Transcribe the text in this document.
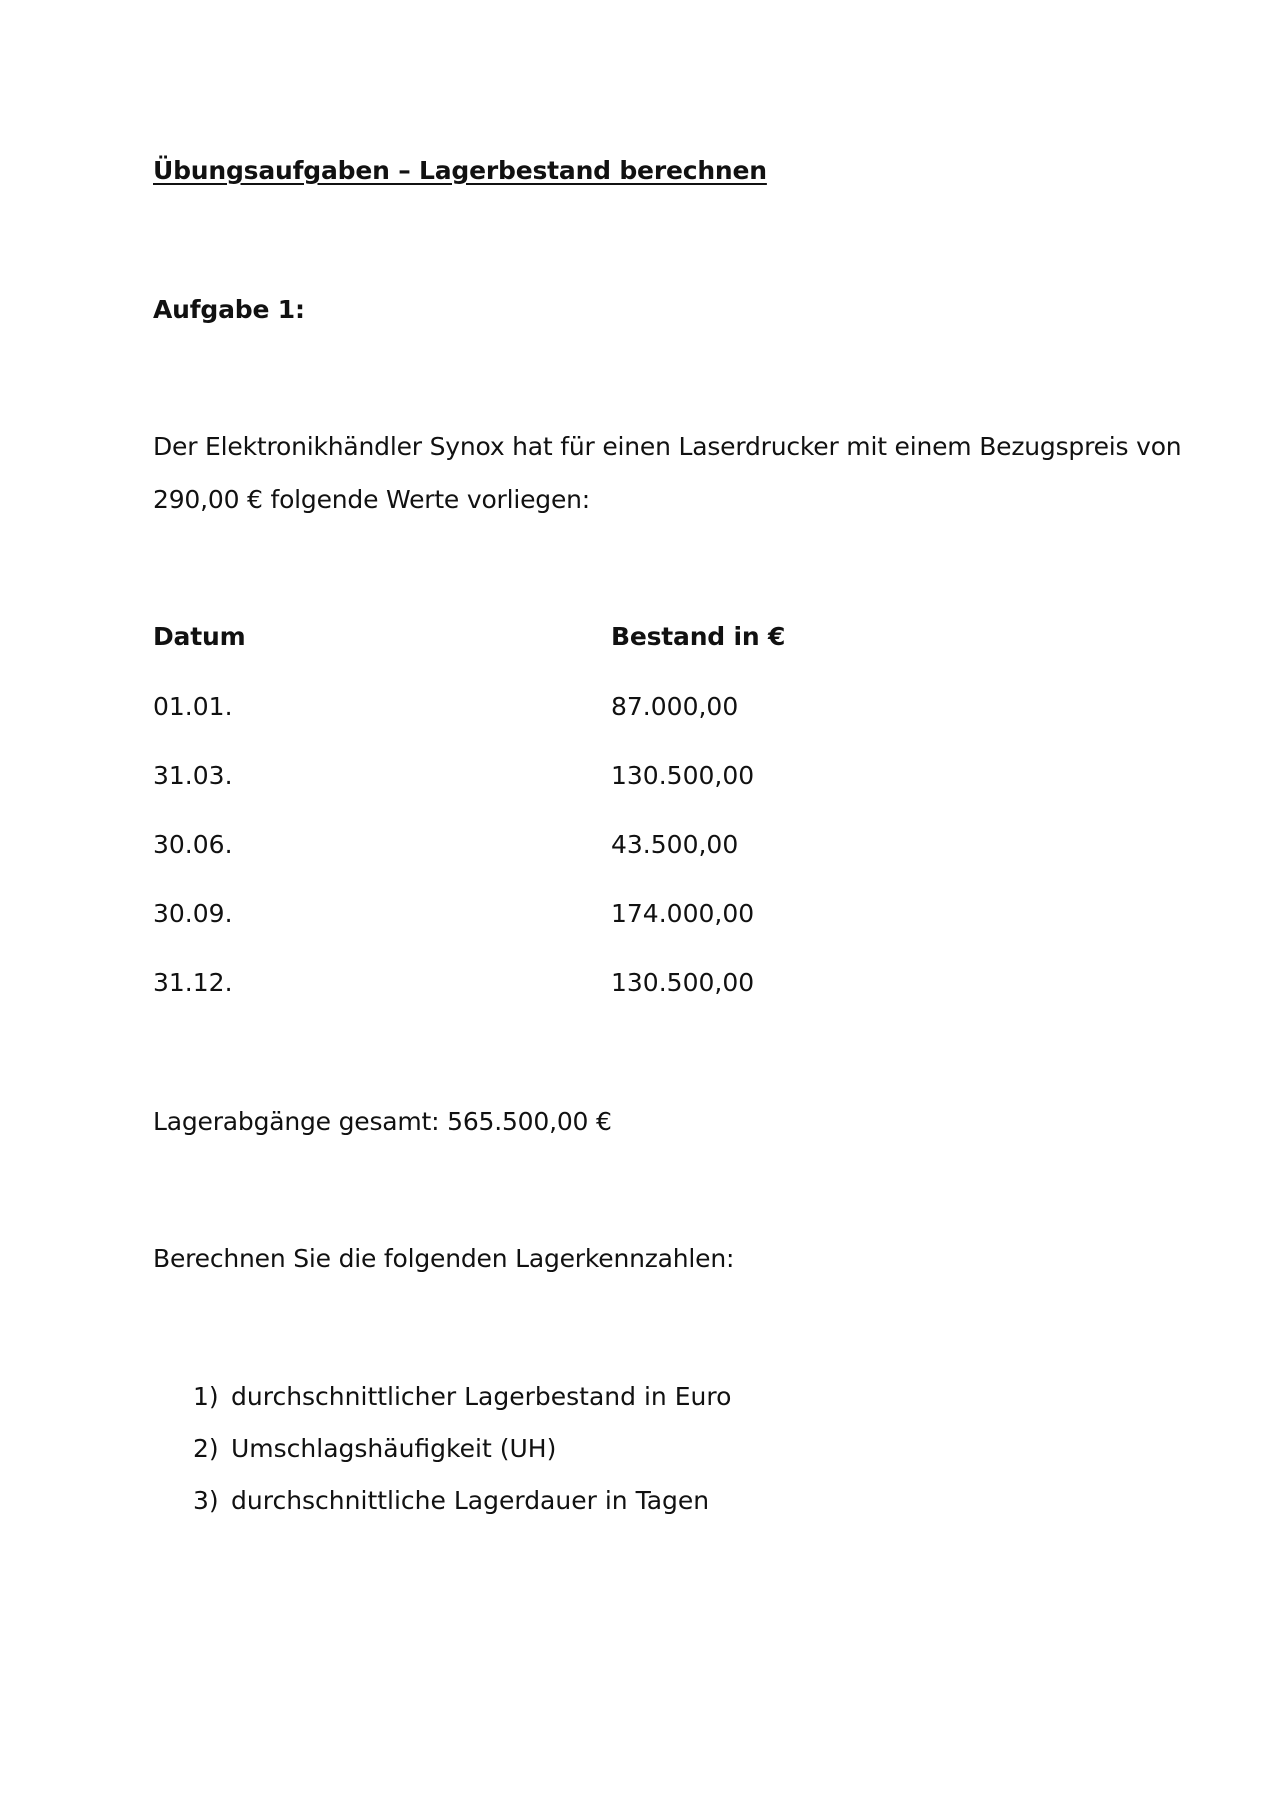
Übungsaufgaben – Lagerbestand berechnen
Aufgabe 1:
Der Elektronikhändler Synox hat für einen Laserdrucker mit einem Bezugspreis von
290,00 € folgende Werte vorliegen:
Datum	Bestand in €
01.01.	87.000,00
31.03.	130.500,00
30.06.	43.500,00
30.09.	174.000,00
31.12.	130.500,00
Lagerabgänge gesamt: 565.500,00 €
Berechnen Sie die folgenden Lagerkennzahlen:
1) durchschnittlicher Lagerbestand in Euro
2) Umschlagshäufigkeit (UH)
3) durchschnittliche Lagerdauer in Tagen
